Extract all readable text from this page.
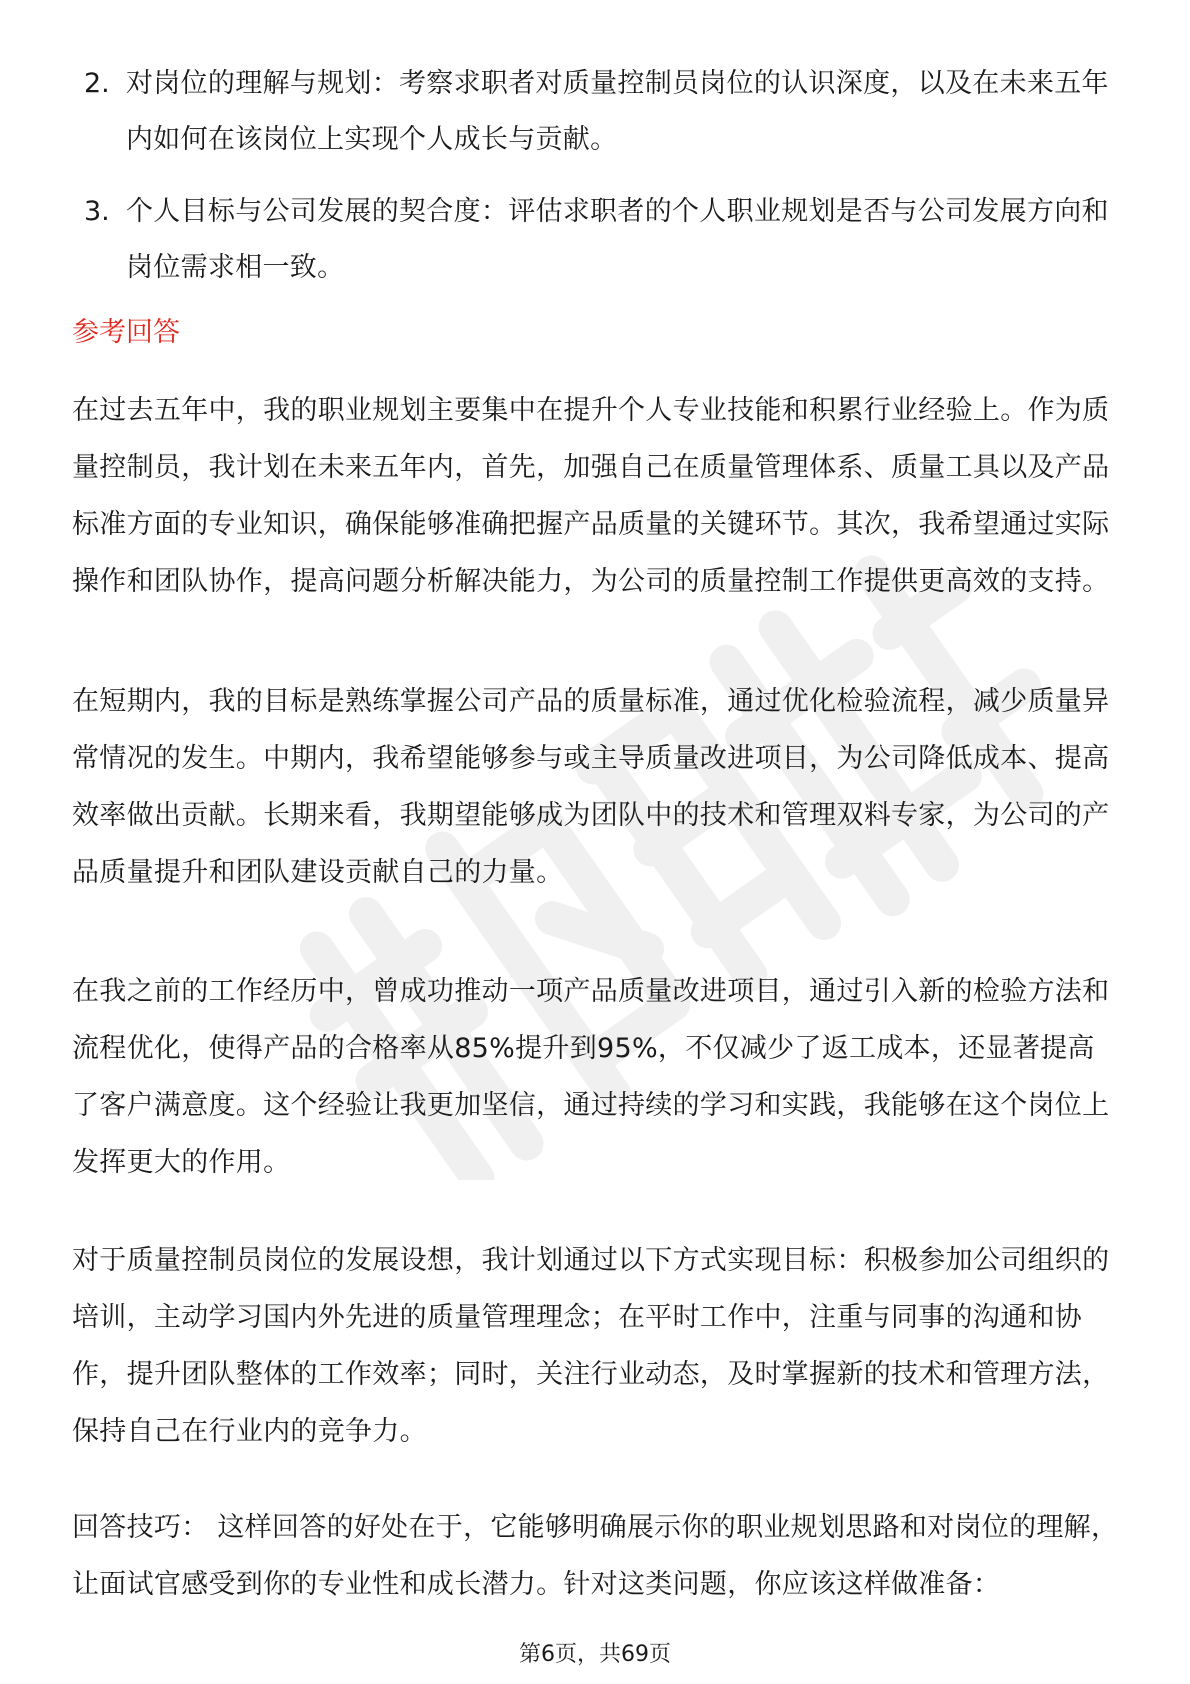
2. 对岗位的理解与规划：考察求职者对质量控制员岗位的认识深度，以及在未来五年内如何在该岗位上实现个人成长与贡献。
3. 个人目标与公司发展的契合度：评估求职者的个人职业规划是否与公司发展方向和岗位需求相一致。
参考回答

在过去五年中，我的职业规划主要集中在提升个人专业技能和积累行业经验上。作为质量控制员，我计划在未来五年内，首先，加强自己在质量管理体系、质量工具以及产品标准方面的专业知识，确保能够准确把握产品质量的关键环节。其次，我希望通过实际操作和团队协作，提高问题分析解决能力，为公司的质量控制工作提供更高效的支持。

在短期内，我的目标是熟练掌握公司产品的质量标准，通过优化检验流程，减少质量异常情况的发生。中期内，我希望能够参与或主导质量改进项目，为公司降低成本、提高效率做出贡献。长期来看，我期望能够成为团队中的技术和管理双料专家，为公司的产品质量提升和团队建设贡献自己的力量。

在我之前的工作经历中，曾成功推动一项产品质量改进项目，通过引入新的检验方法和流程优化，使得产品的合格率从85%提升到95%，不仅减少了返工成本，还显著提高了客户满意度。这个经验让我更加坚信，通过持续的学习和实践，我能够在这个岗位上发挥更大的作用。

对于质量控制员岗位的发展设想，我计划通过以下方式实现目标：积极参加公司组织的培训，主动学习国内外先进的质量管理理念；在平时工作中，注重与同事的沟通和协作，提升团队整体的工作效率；同时，关注行业动态，及时掌握新的技术和管理方法，保持自己在行业内的竞争力。

回答技巧： 这样回答的好处在于，它能够明确展示你的职业规划思路和对岗位的理解，让面试官感受到你的专业性和成长潜力。针对这类问题，你应该这样做准备：

第6页，共69页
